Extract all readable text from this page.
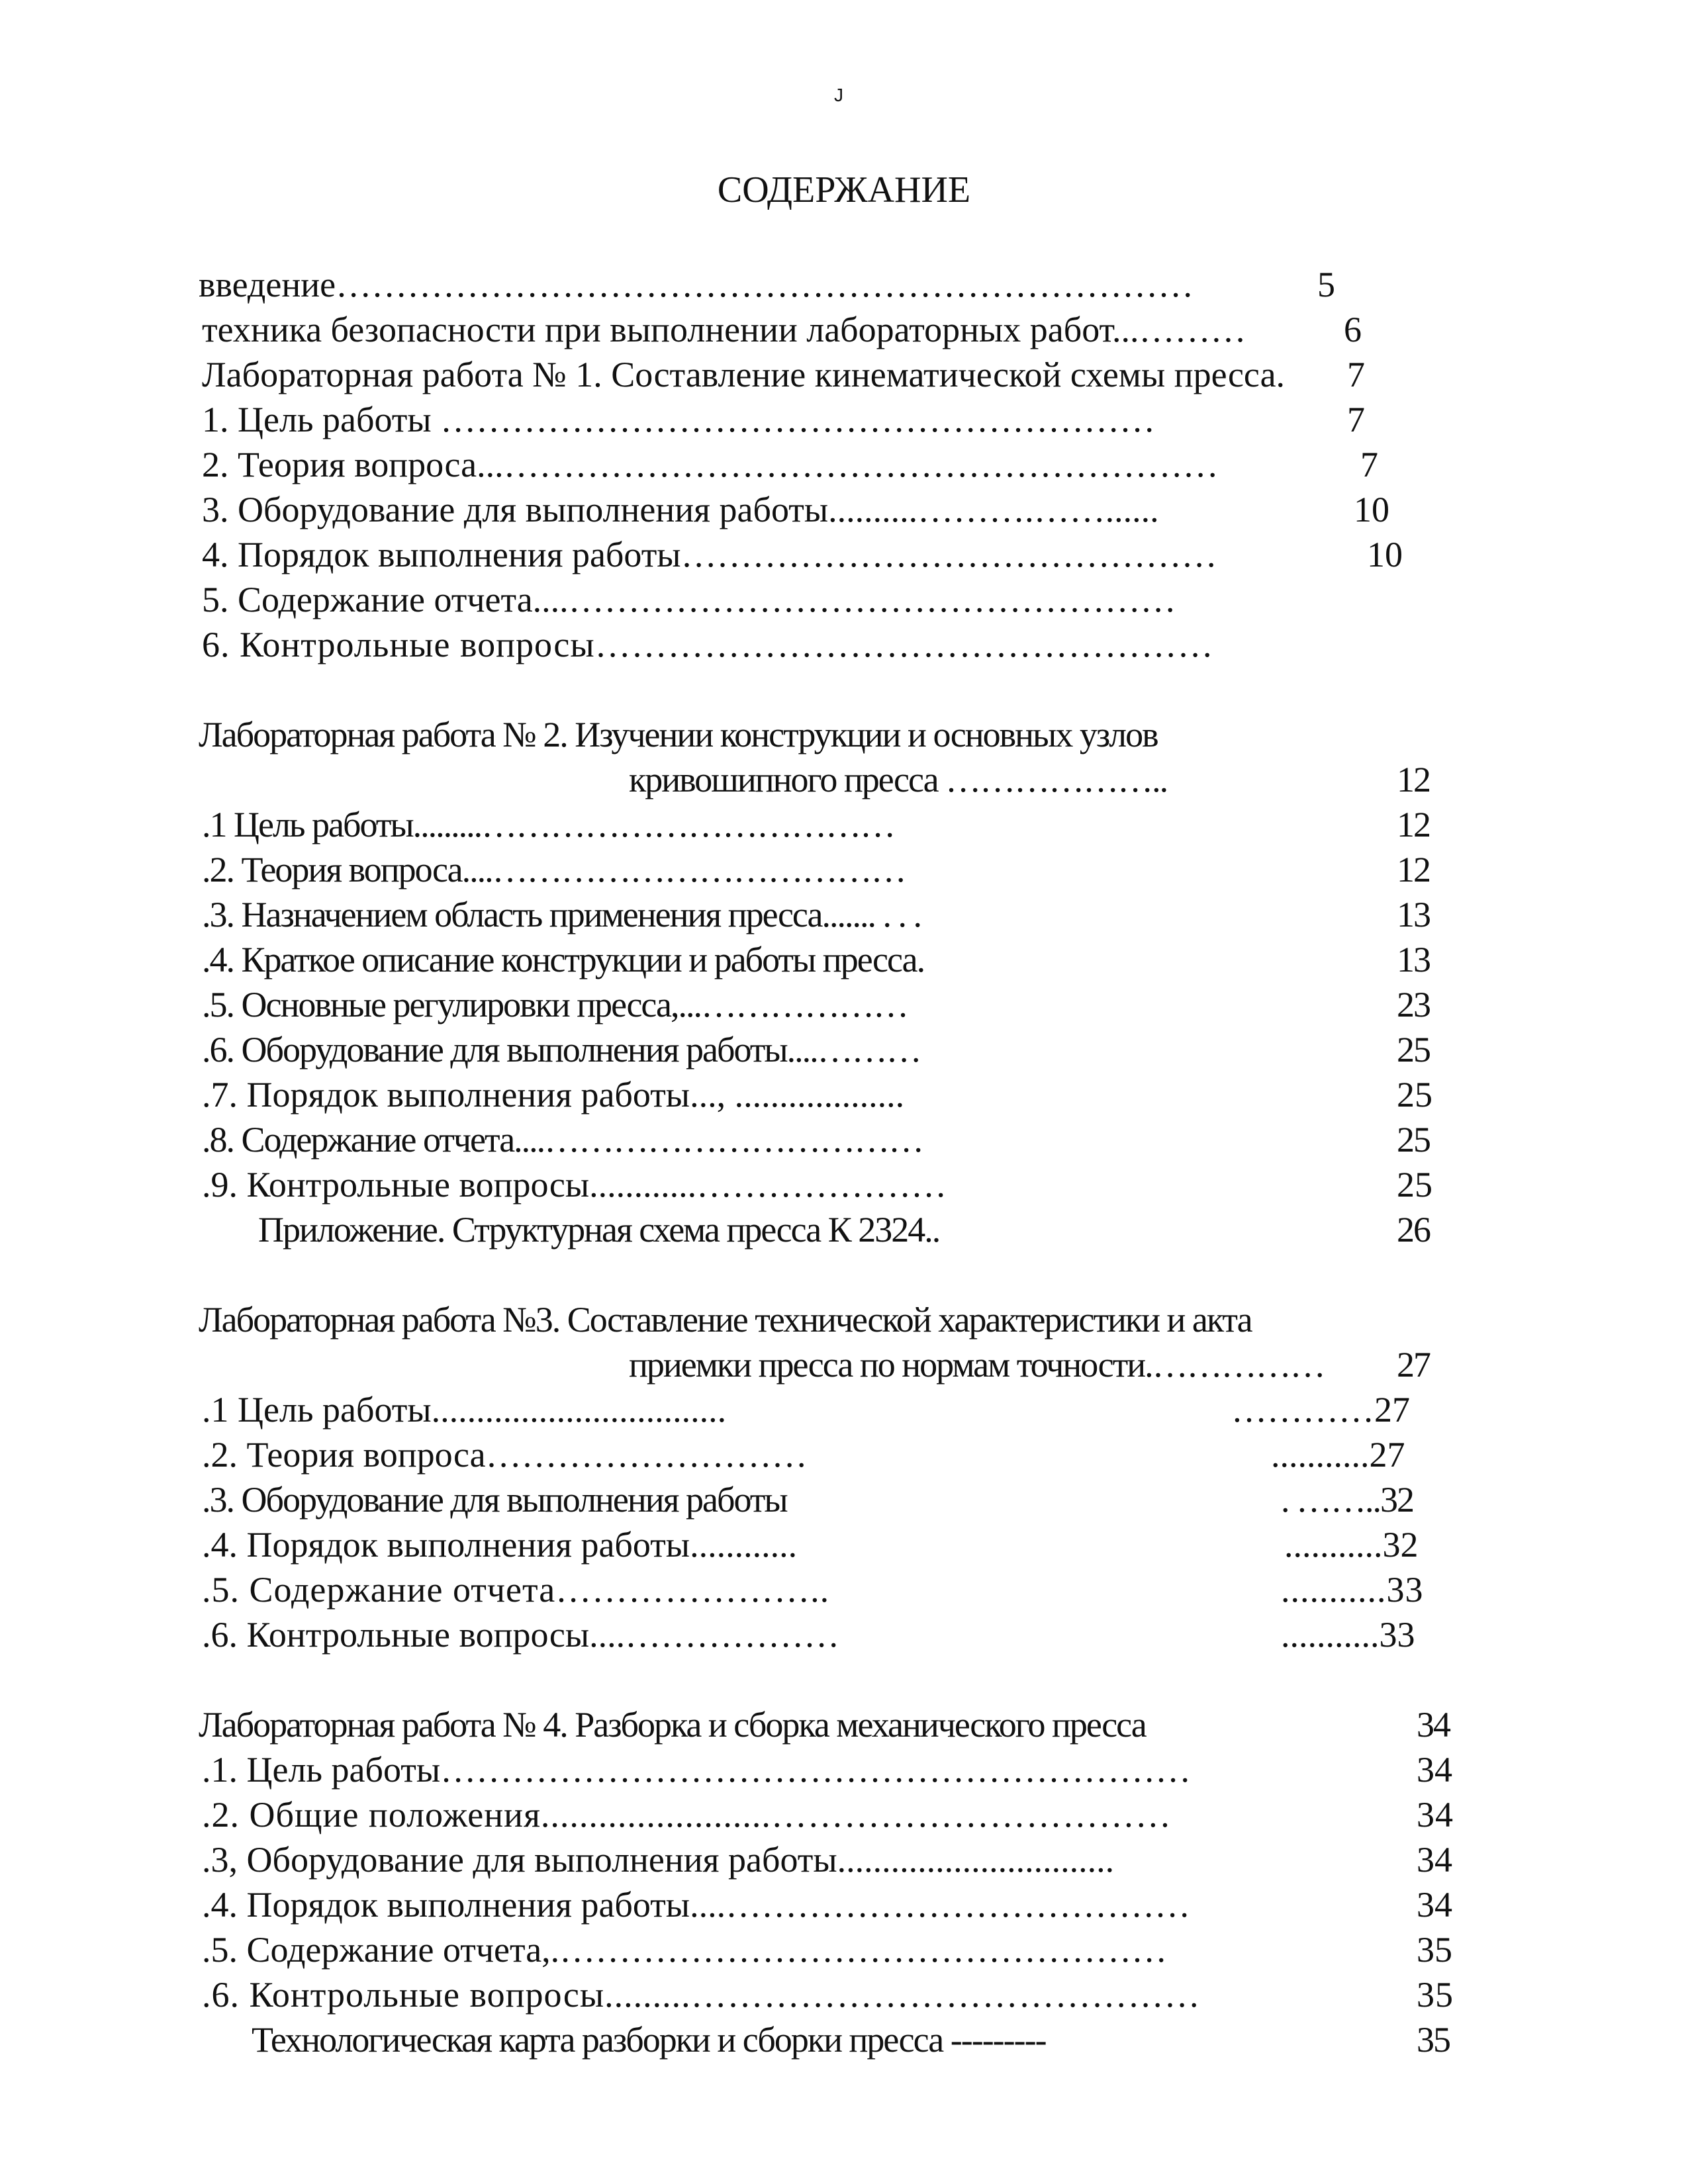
J
СОДЕРЖАНИЕ
введение………………………………………………………………	5
техника безопасности при выполнении лабораторных работ...………	6
Лабораторная работа № 1. Составление кинематической схемы пресса. 7
1. Цель работы ……………………………………………………	7
2. Теория вопроса...……………………………………………………	7
3. Оборудование для выполнения работы..........……….……......	10
4. Порядок выполнения работы………………………………………	10
5. Содержание отчета....……………………………………………
6. Контрольные вопросы……………………………………………
Лабораторная работа № 2. Изучении конструкции и основных узлов
кривошипного пресса ………………..	12
.1 Цель работы.........………………………………	12
.2. Теория вопроса....………………………………	12
.3. Назначением область применения пресса....... . . .	13
.4. Краткое описание конструкции и работы пресса.	13
.5. Основные регулировки пресса,...………………	23
.6. Оборудование для выполнения работы....………	25
.7. Порядок выполнения работы..., ...................	25
.8. Содержание отчета....……………………………	25
.9. Контрольные вопросы............…………………	25
Приложение. Структурная схема пресса К 2324..	26
Лабораторная работа №3. Составление технической характеристики и акта
приемки пресса по нормам точности.…………… 27
.1 Цель работы.................................	…………27
.2. Теория вопроса………………………	...........27
.3. Оборудование для выполнения работы	. ……..32
.4. Порядок выполнения работы............	...........32
.5. Содержание отчета…………………..	...........33
.6. Контрольные вопросы....………………	...........33
Лабораторная работа № 4. Разборка и сборка механического пресса	34
.1. Цель работы………………………………………………………	34
.2. Общие положения........................……………………………	34
.3, Оборудование для выполнения работы...............................	34
.4. Порядок выполнения работы....…………………………………	34
.5. Содержание отчета,.……………………………………………	35
.6. Контрольные вопросы.........……………………………………	35
Технологическая карта разборки и сборки пресса ---------	35
